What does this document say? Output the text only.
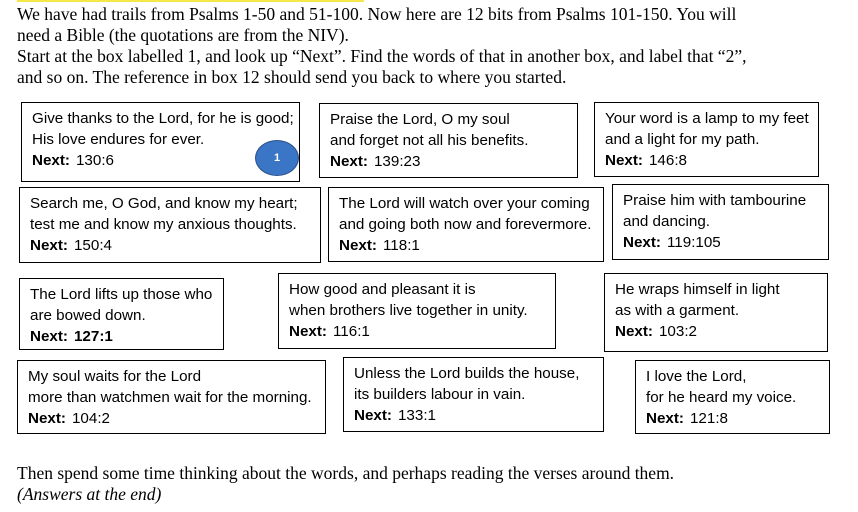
We have had trails from Psalms 1-50 and 51-100. Now here are 12 bits from Psalms 101-150. You will

need a Bible (the quotations are from the NIV).

Start at the box labelled 1, and look up “Next”. Find the words of that in another box, and label that “2”,

and so on. The reference in box 12 should send you back to where you started.

Give thanks to the Lord, for he is good;
His love endures for ever.
Next: 130:6	1
Praise the Lord, O my soul
and forget not all his benefits.
Next: 139:23
Your word is a lamp to my feet
and a light for my path.
Next: 146:8
Search me, O God, and know my heart;
test me and know my anxious thoughts.
Next: 150:4
The Lord will watch over your coming
and going both now and forevermore.
Next: 118:1
Praise him with tambourine
and dancing.
Next: 119:105
The Lord lifts up those who
are bowed down.
Next: 127:1
How good and pleasant it is
when brothers live together in unity.
Next: 116:1
He wraps himself in light
as with a garment.
Next: 103:2
My soul waits for the Lord
more than watchmen wait for the morning.
Next: 104:2
Unless the Lord builds the house,
its builders labour in vain.
Next: 133:1
I love the Lord,
for he heard my voice.
Next: 121:8

Then spend some time thinking about the words, and perhaps reading the verses around them.

(Answers at the end)
